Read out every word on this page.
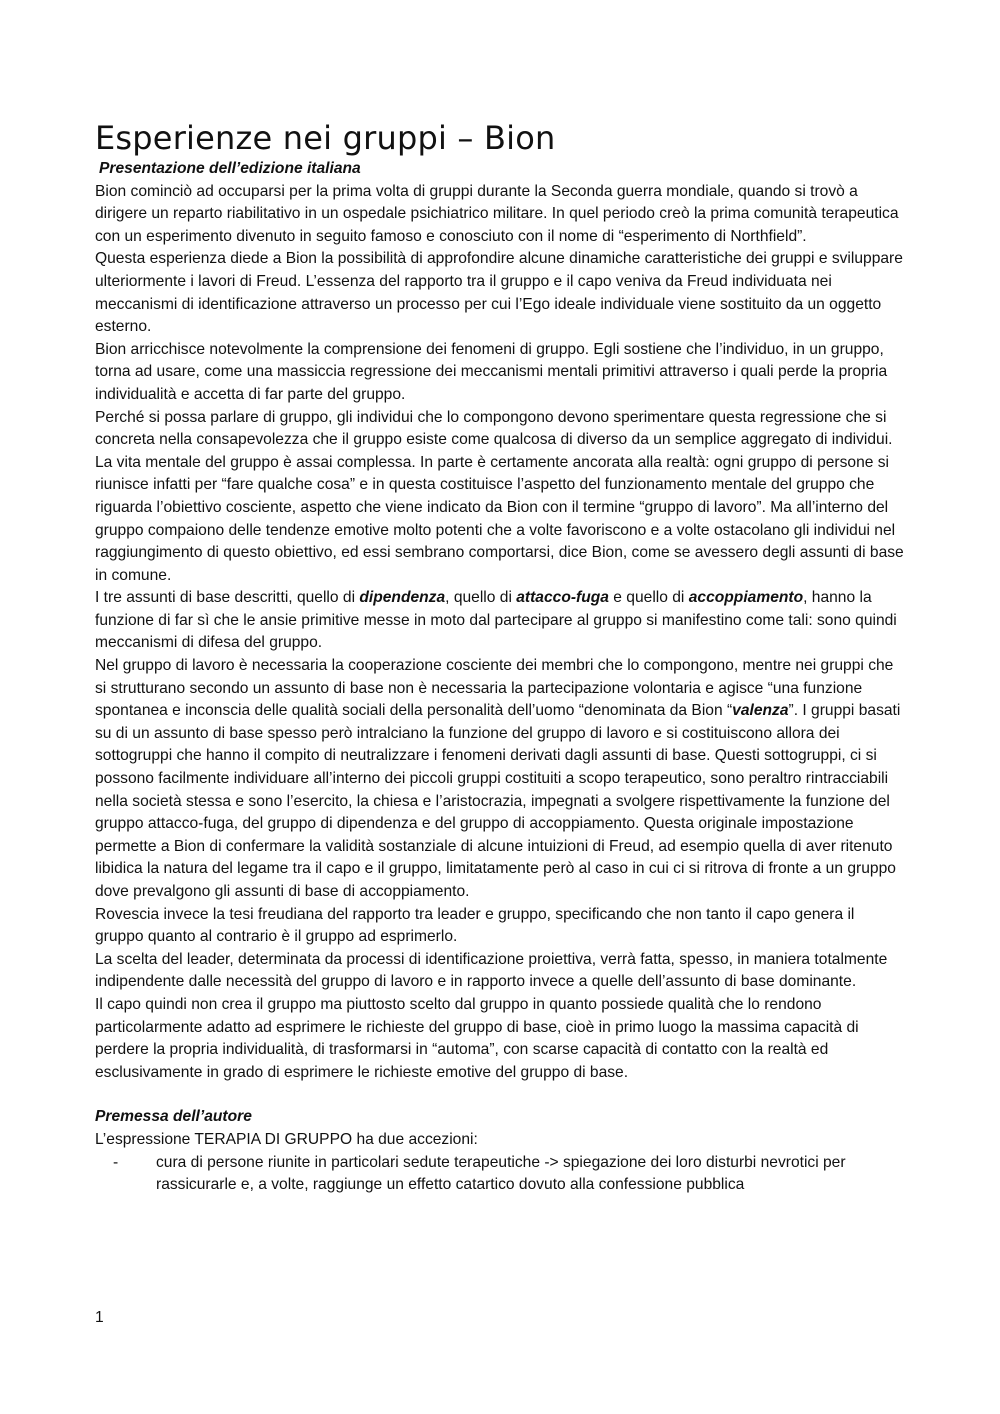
Esperienze nei gruppi – Bion

Presentazione dell’edizione italiana

Bion cominciò ad occuparsi per la prima volta di gruppi durante la Seconda guerra mondiale, quando si trovò a dirigere un reparto riabilitativo in un ospedale psichiatrico militare. In quel periodo creò la prima comunità terapeutica con un esperimento divenuto in seguito famoso e conosciuto con il nome di “esperimento di Northfield”.

Questa esperienza diede a Bion la possibilità di approfondire alcune dinamiche caratteristiche dei gruppi e sviluppare ulteriormente i lavori di Freud. L’essenza del rapporto tra il gruppo e il capo veniva da Freud individuata nei meccanismi di identificazione attraverso un processo per cui l’Ego ideale individuale viene sostituito da un oggetto esterno.

Bion arricchisce notevolmente la comprensione dei fenomeni di gruppo. Egli sostiene che l’individuo, in un gruppo, torna ad usare, come una massiccia regressione dei meccanismi mentali primitivi attraverso i quali perde la propria individualità e accetta di far parte del gruppo.

Perché si possa parlare di gruppo, gli individui che lo compongono devono sperimentare questa regressione che si concreta nella consapevolezza che il gruppo esiste come qualcosa di diverso da un semplice aggregato di individui.

La vita mentale del gruppo è assai complessa. In parte è certamente ancorata alla realtà: ogni gruppo di persone si riunisce infatti per “fare qualche cosa” e in questa costituisce l’aspetto del funzionamento mentale del gruppo che riguarda l’obiettivo cosciente, aspetto che viene indicato da Bion con il termine “gruppo di lavoro”. Ma all’interno del gruppo compaiono delle tendenze emotive molto potenti che a volte favoriscono e a volte ostacolano gli individui nel raggiungimento di questo obiettivo, ed essi sembrano comportarsi, dice Bion, come se avessero degli assunti di base in comune.

I tre assunti di base descritti, quello di dipendenza, quello di attacco-fuga e quello di accoppiamento, hanno la funzione di far sì che le ansie primitive messe in moto dal partecipare al gruppo si manifestino come tali: sono quindi meccanismi di difesa del gruppo.

Nel gruppo di lavoro è necessaria la cooperazione cosciente dei membri che lo compongono, mentre nei gruppi che si strutturano secondo un assunto di base non è necessaria la partecipazione volontaria e agisce “una funzione spontanea e inconscia delle qualità sociali della personalità dell’uomo “denominata da Bion “valenza”. I gruppi basati su di un assunto di base spesso però intralciano la funzione del gruppo di lavoro e si costituiscono allora dei sottogruppi che hanno il compito di neutralizzare i fenomeni derivati dagli assunti di base. Questi sottogruppi, ci si possono facilmente individuare all’interno dei piccoli gruppi costituiti a scopo terapeutico, sono peraltro rintracciabili nella società stessa e sono l’esercito, la chiesa e l’aristocrazia, impegnati a svolgere rispettivamente la funzione del gruppo attacco-fuga, del gruppo di dipendenza e del gruppo di accoppiamento. Questa originale impostazione permette a Bion di confermare la validità sostanziale di alcune intuizioni di Freud, ad esempio quella di aver ritenuto libidica la natura del legame tra il capo e il gruppo, limitatamente però al caso in cui ci si ritrova di fronte a un gruppo dove prevalgono gli assunti di base di accoppiamento.

Rovescia invece la tesi freudiana del rapporto tra leader e gruppo, specificando che non tanto il capo genera il gruppo quanto al contrario è il gruppo ad esprimerlo.

La scelta del leader, determinata da processi di identificazione proiettiva, verrà fatta, spesso, in maniera totalmente indipendente dalle necessità del gruppo di lavoro e in rapporto invece a quelle dell’assunto di base dominante.

Il capo quindi non crea il gruppo ma piuttosto scelto dal gruppo in quanto possiede qualità che lo rendono particolarmente adatto ad esprimere le richieste del gruppo di base, cioè in primo luogo la massima capacità di perdere la propria individualità, di trasformarsi in “automa”, con scarse capacità di contatto con la realtà ed esclusivamente in grado di esprimere le richieste emotive del gruppo di base.

Premessa dell’autore

L’espressione TERAPIA DI GRUPPO ha due accezioni:

- cura di persone riunite in particolari sedute terapeutiche -> spiegazione dei loro disturbi nevrotici per rassicurarle e, a volte, raggiunge un effetto catartico dovuto alla confessione pubblica
1
